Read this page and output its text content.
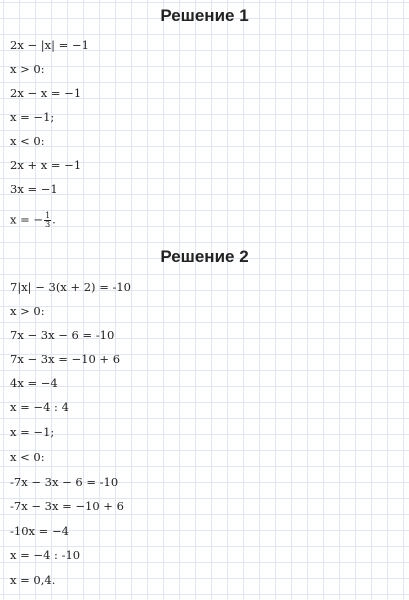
Решение 1
2x − |x| = −1
x > 0:
2x − x = −1
x = −1;
x < 0:
2x + x = −1
3x = −1
x = − $\frac{1}{3}$ .
Решение 2
7|x| − 3(x + 2) = -10
x > 0:
7x − 3x − 6 = -10
7x − 3x = −10 + 6
4x = −4
x = −4 : 4
x = −1;
x < 0:
-7x − 3x − 6 = -10
-7x − 3x = −10 + 6
-10x = −4
x = −4 : -10
x = 0,4.
